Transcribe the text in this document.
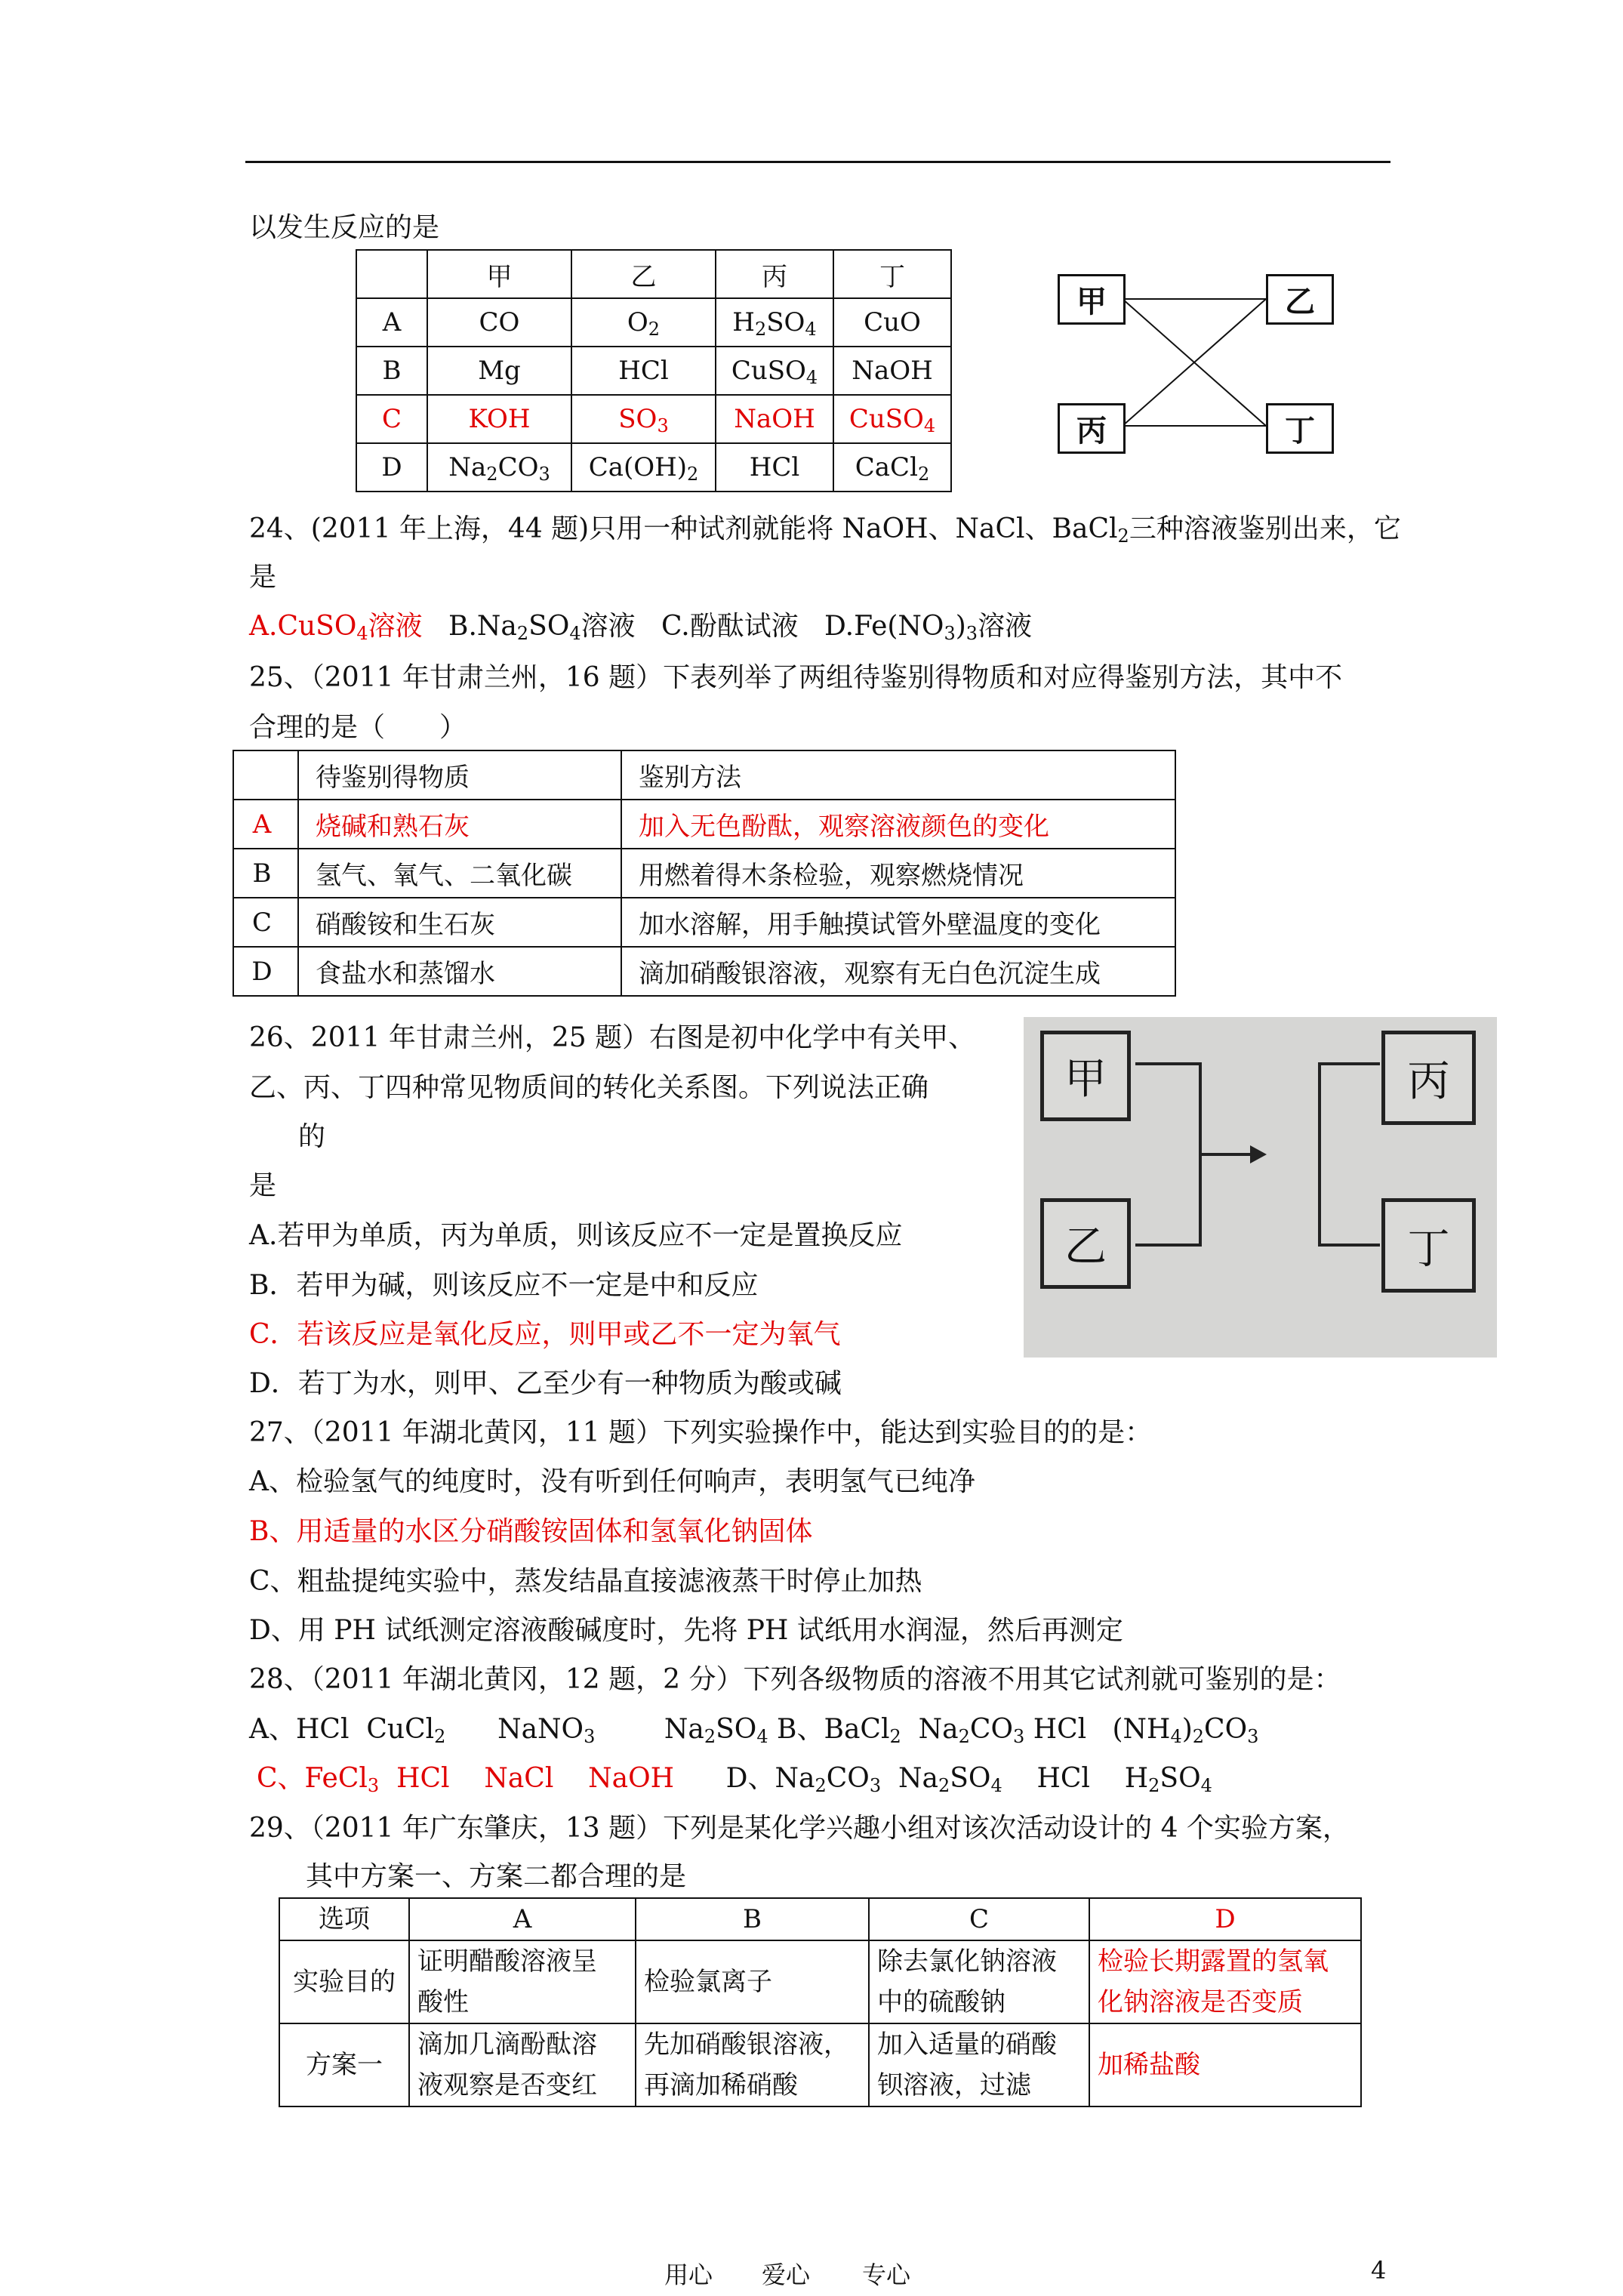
以发生反应的是
	甲	乙	丙	丁
A	CO	$O_2$	$H_2SO_4$	CuO
B	Mg	HCl	CuSO$_4$	NaOH
C	KOH	$SO_3$	NaOH	CuSO$_4$
D	$Na_2CO_3$	$Ca(OH)_2$	HCl	CaCl$_2$
甲	乙
丙	丁
24、(2011 年上海，44 题)只用一种试剂就能将 NaOH、NaCl、BaCl$_2$三种溶液鉴别出来，它
是
A.CuSO$_4$溶液 $B.Na_2SO_4$溶液 C.酚酞试液 $D.Fe(NO_3)_3$溶液
25、（2011 年甘肃兰州，16 题）下表列举了两组待鉴别得物质和对应得鉴别方法，其中不
合理的是（　　）
	待鉴别得物质	鉴别方法
A	烧碱和熟石灰	加入无色酚酞，观察溶液颜色的变化
B	氢气、氧气、二氧化碳	用燃着得木条检验，观察燃烧情况
C	硝酸铵和生石灰	加水溶解，用手触摸试管外壁温度的变化
D	食盐水和蒸馏水	滴加硝酸银溶液，观察有无白色沉淀生成
26、2011 年甘肃兰州，25 题）右图是初中化学中有关甲、
乙、丙、丁四种常见物质间的转化关系图。下列说法正确
的
是
A.若甲为单质，丙为单质，则该反应不一定是置换反应
B．若甲为碱，则该反应不一定是中和反应
C．若该反应是氧化反应，则甲或乙不一定为氧气
D．若丁为水，则甲、乙至少有一种物质为酸或碱
甲
乙
丙
丁
27、（2011 年湖北黄冈，11 题）下列实验操作中，能达到实验目的的是：
A、检验氢气的纯度时，没有听到任何响声，表明氢气已纯净
B、用适量的水区分硝酸铵固体和氢氧化钠固体
C、粗盐提纯实验中，蒸发结晶直接滤液蒸干时停止加热
D、用 PH 试纸测定溶液酸碱度时，先将 PH 试纸用水润湿，然后再测定
28、（2011 年湖北黄冈，12 题，2 分）下列各级物质的溶液不用其它试剂就可鉴别的是：
A、HCl  CuCl$_2$      NaNO$_3$        $Na_2SO_4$ B、BaCl$_2$  $Na_2CO_3$ HCl   $(NH_4)_2CO_3$
C、FeCl$_3$  HCl    NaCl    NaOH D、$Na_2CO_3$  $Na_2SO_4$    HCl    $H_2SO_4$
29、（2011 年广东肇庆，13 题）下列是某化学兴趣小组对该次活动设计的 4 个实验方案，
其中方案一、方案二都合理的是
选项	A	B	C	D
实验目的	证明醋酸溶液呈
酸性	检验氯离子	除去氯化钠溶液
中的硫酸钠	检验长期露置的氢氧
化钠溶液是否变质
方案一	滴加几滴酚酞溶
液观察是否变红	先加硝酸银溶液，
再滴加稀硝酸	加入适量的硝酸
钡溶液，过滤	加稀盐酸
用心 爱心 专心	4
